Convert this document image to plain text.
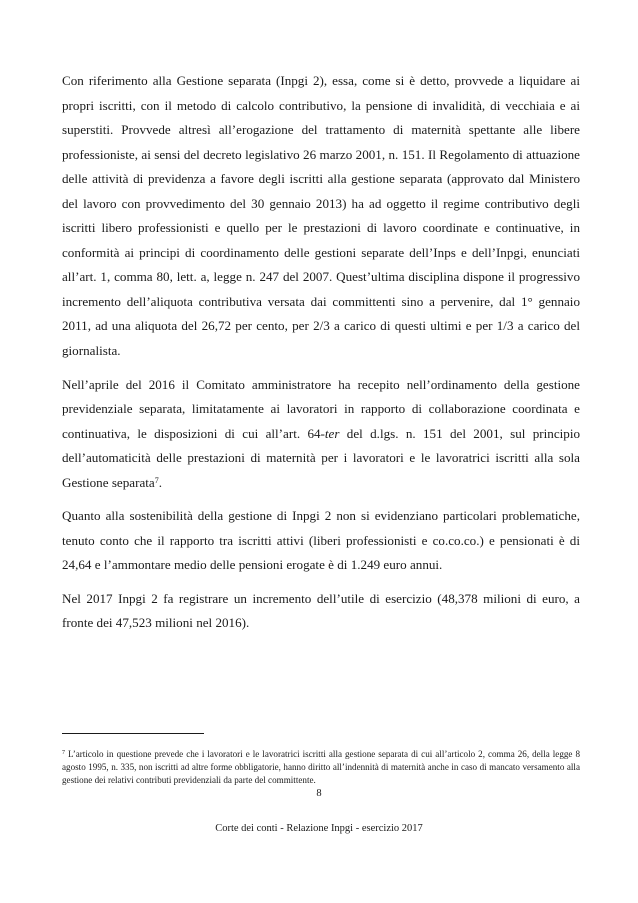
Con riferimento alla Gestione separata (Inpgi 2), essa, come si è detto, provvede a liquidare ai propri iscritti, con il metodo di calcolo contributivo, la pensione di invalidità, di vecchiaia e ai superstiti. Provvede altresì all’erogazione del trattamento di maternità spettante alle libere professioniste, ai sensi del decreto legislativo 26 marzo 2001, n. 151. Il Regolamento di attuazione delle attività di previdenza a favore degli iscritti alla gestione separata (approvato dal Ministero del lavoro con provvedimento del 30 gennaio 2013) ha ad oggetto il regime contributivo degli iscritti libero professionisti e quello per le prestazioni di lavoro coordinate e continuative, in conformità ai principi di coordinamento delle gestioni separate dell’Inps e dell’Inpgi, enunciati all’art. 1, comma 80, lett. a, legge n. 247 del 2007. Quest’ultima disciplina dispone il progressivo incremento dell’aliquota contributiva versata dai committenti sino a pervenire, dal 1° gennaio 2011, ad una aliquota del 26,72 per cento, per 2/3 a carico di questi ultimi e per 1/3 a carico del giornalista.

Nell’aprile del 2016 il Comitato amministratore ha recepito nell’ordinamento della gestione previdenziale separata, limitatamente ai lavoratori in rapporto di collaborazione coordinata e continuativa, le disposizioni di cui all’art. 64-ter del d.lgs. n. 151 del 2001, sul principio dell’automaticità delle prestazioni di maternità per i lavoratori e le lavoratrici iscritti alla sola Gestione separata$^7$.

Quanto alla sostenibilità della gestione di Inpgi 2 non si evidenziano particolari problematiche, tenuto conto che il rapporto tra iscritti attivi (liberi professionisti e co.co.co.) e pensionati è di 24,64 e l’ammontare medio delle pensioni erogate è di 1.249 euro annui.

Nel 2017 Inpgi 2 fa registrare un incremento dell’utile di esercizio (48,378 milioni di euro, a fronte dei 47,523 milioni nel 2016).

$^7$ L’articolo in questione prevede che i lavoratori e le lavoratrici iscritti alla gestione separata di cui all’articolo 2, comma 26, della legge 8 agosto 1995, n. 335, non iscritti ad altre forme obbligatorie, hanno diritto all’indennità di maternità anche in caso di mancato versamento alla gestione dei relativi contributi previdenziali da parte del committente.
8
Corte dei conti - Relazione Inpgi - esercizio 2017
